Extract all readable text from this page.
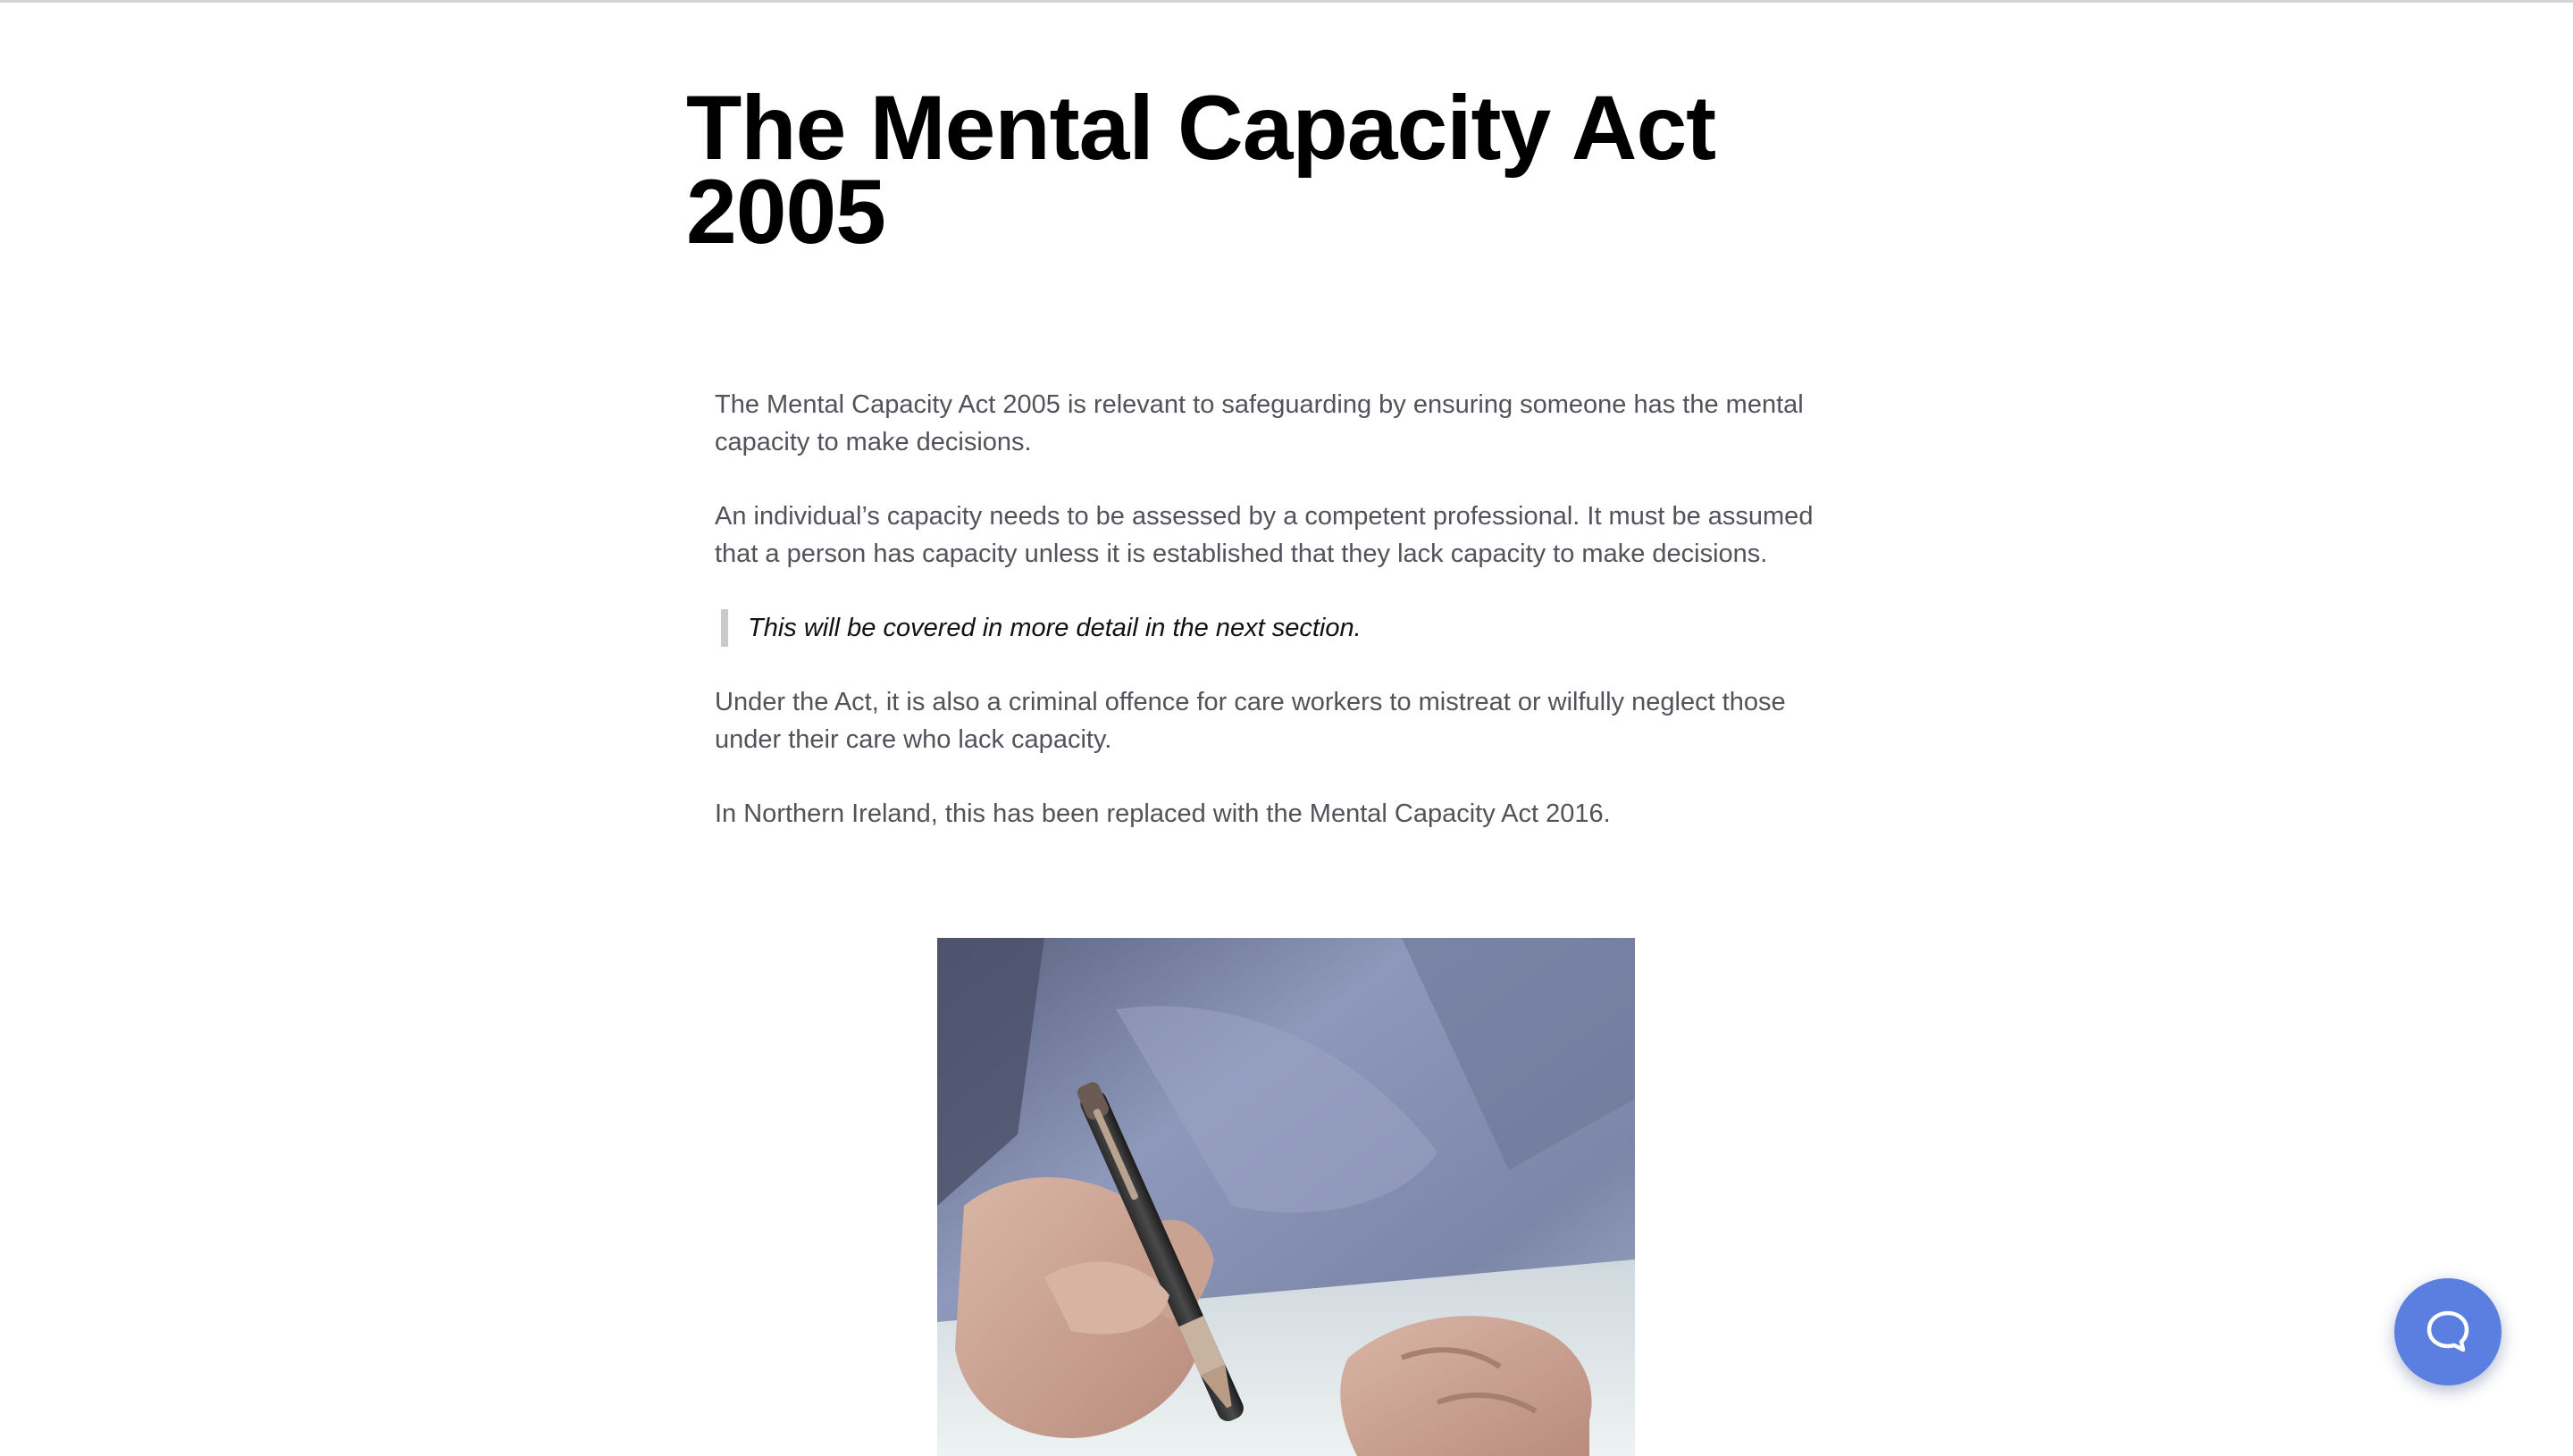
The Mental Capacity Act 2005

The Mental Capacity Act 2005 is relevant to safeguarding by ensuring someone has the mental capacity to make decisions.

An individual’s capacity needs to be assessed by a competent professional. It must be assumed that a person has capacity unless it is established that they lack capacity to make decisions.

This will be covered in more detail in the next section.

Under the Act, it is also a criminal offence for care workers to mistreat or wilfully neglect those under their care who lack capacity.

In Northern Ireland, this has been replaced with the Mental Capacity Act 2016.
